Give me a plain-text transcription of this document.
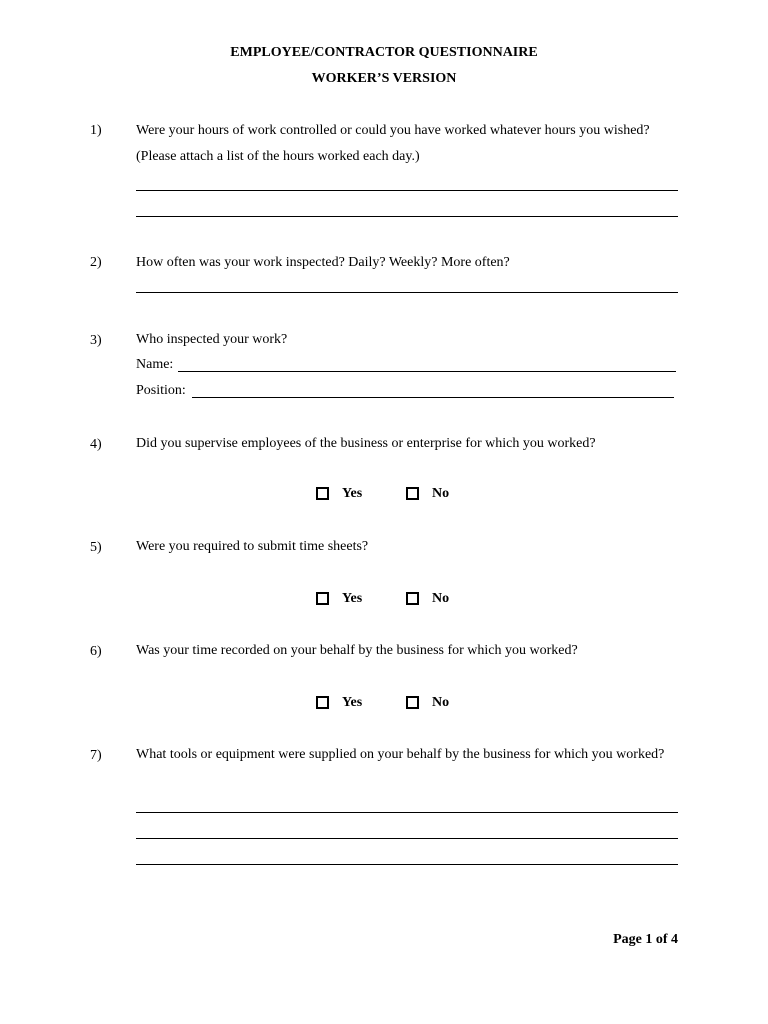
EMPLOYEE/CONTRACTOR QUESTIONNAIRE
WORKER’S VERSION
1)	Were your hours of work controlled or could you have worked whatever hours you wished? (Please attach a list of the hours worked each day.)
2)	How often was your work inspected? Daily? Weekly? More often?
3)	Who inspected your work?
Name:
Position:
4)	Did you supervise employees of the business or enterprise for which you worked?
Yes	No
5)	Were you required to submit time sheets?
Yes	No
6)	Was your time recorded on your behalf by the business for which you worked?
Yes	No
7)	What tools or equipment were supplied on your behalf by the business for which you worked?
Page 1 of 4
